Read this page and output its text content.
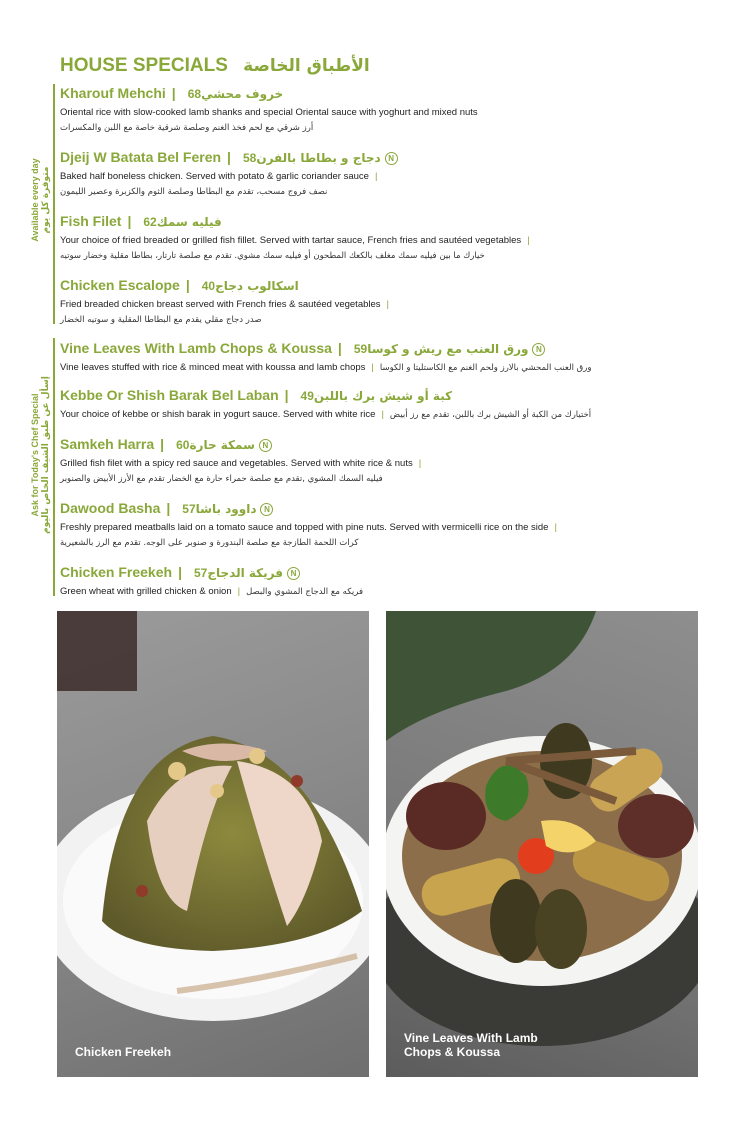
HOUSE SPECIALS الأطباق الخاصة
Available every day متوفرة كل يوم
Ask for Today's Chef Special إسأل عن طبق الشيف الخاص باليوم
Kharouf Mehchi | خروف محشي68
Oriental rice with slow-cooked lamb shanks and special Oriental sauce with yoghurt and mixed nuts
أرز شرقي مع لحم فخذ الغنم وصلصة شرقية خاصة مع اللبن والمكسرات
Djeij W Batata Bel Feren | دجاج و بطاطا بالفرن58	N
Baked half boneless chicken. Served with potato & garlic coriander sauce |
نصف فروج مسحب، تقدم مع البطاطا وصلصة الثوم والكزبرة وعصير الليمون
Fish Filet | فيليه سمك62
Your choice of fried breaded or grilled fish fillet. Served with tartar sauce, French fries and sautéed vegetables |
خيارك ما بين فيليه سمك مغلف بالكعك المطحون أو فيليه سمك مشوي. تقدم مع صلصة تارتار، بطاطا مقلية وخضار سوتيه
Chicken Escalope | اسكالوب دجاج40
Fried breaded chicken breast served with French fries & sautéed vegetables |
صدر دجاج مقلي يقدم مع البطاطا المقلية و سوتيه الخضار
Vine Leaves With Lamb Chops & Koussa | ورق العنب مع ريش و كوسا59	N
Vine leaves stuffed with rice & minced meat with koussa and lamb chops | ورق العنب المحشي بالارز ولحم الغنم مع الكاستليتا و الكوسا
Kebbe Or Shish Barak Bel Laban | كبة أو شيش برك باللبن49
Your choice of kebbe or shish barak in yogurt sauce. Served with white rice | أختيارك من الكبة أو الشيش برك باللبن، تقدم مع رز أبيض
Samkeh Harra | سمكة حارة60	N
Grilled fish filet with a spicy red sauce and vegetables. Served with white rice & nuts |
فيليه السمك المشوي ,تقدم مع صلصة حمراء حارة مع الخضار تقدم مع الأرز الأبيض والصنوبر
Dawood Basha | داوود باشا57	N
Freshly prepared meatballs laid on a tomato sauce and topped with pine nuts. Served with vermicelli rice on the side |
كرات اللحمة الطازجة مع صلصة البندورة و صنوبر على الوجه. تقدم مع الرز بالشعيرية
Chicken Freekeh | فريكة الدجاج57	N
Green wheat with grilled chicken & onion | فريكه مع الدجاج المشوي والبصل
Chicken Freekeh
Vine Leaves With Lamb Chops & Koussa
